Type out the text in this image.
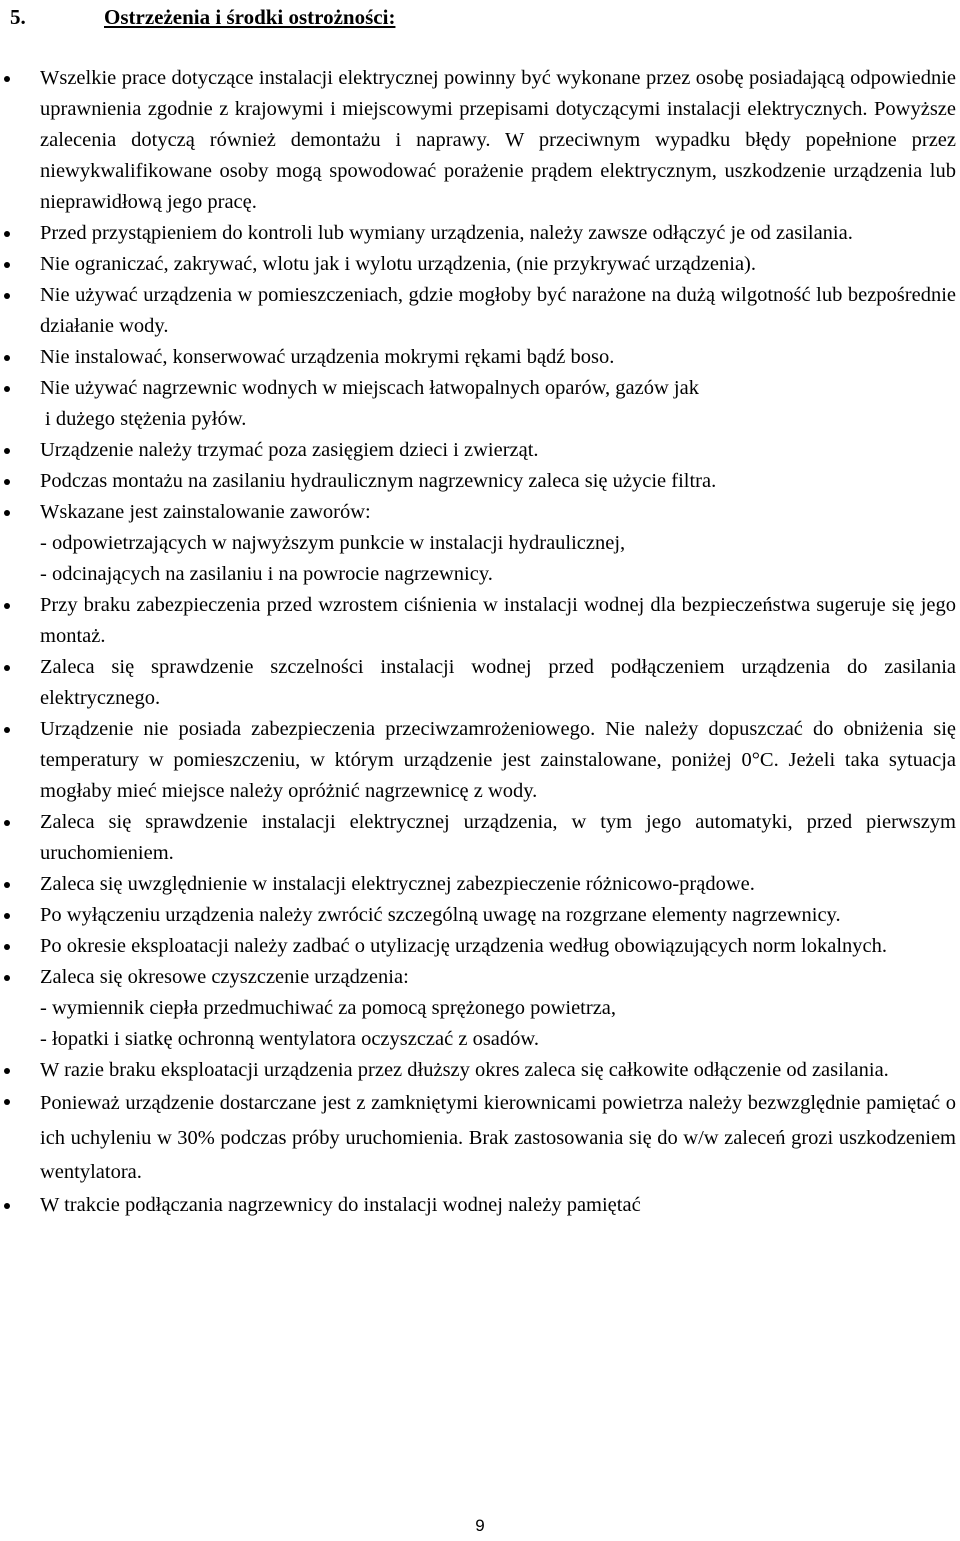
5.	Ostrzeżenia i środki ostrożności:
Wszelkie prace dotyczące instalacji elektrycznej powinny być wykonane przez osobę posiadającą odpowiednie uprawnienia zgodnie z krajowymi i miejscowymi przepisami dotyczącymi instalacji elektrycznych. Powyższe zalecenia dotyczą również demontażu i naprawy. W przeciwnym wypadku błędy popełnione przez niewykwalifikowane osoby mogą spowodować porażenie prądem elektrycznym, uszkodzenie urządzenia lub nieprawidłową jego pracę.
Przed przystąpieniem do kontroli lub wymiany urządzenia, należy zawsze odłączyć je od zasilania.
Nie ograniczać, zakrywać, wlotu jak i wylotu urządzenia, (nie przykrywać urządzenia).
Nie używać urządzenia w pomieszczeniach, gdzie mogłoby być narażone na dużą wilgotność lub bezpośrednie działanie wody.
Nie instalować, konserwować urządzenia mokrymi rękami bądź boso.
Nie używać nagrzewnic wodnych w miejscach łatwopalnych oparów, gazów jak
i dużego stężenia pyłów.
Urządzenie należy trzymać poza zasięgiem dzieci i zwierząt.
Podczas montażu na zasilaniu hydraulicznym nagrzewnicy zaleca się użycie filtra.
Wskazane jest zainstalowanie zaworów:
- odpowietrzających w najwyższym punkcie w instalacji hydraulicznej,
- odcinających na zasilaniu i na powrocie nagrzewnicy.
Przy braku zabezpieczenia przed wzrostem ciśnienia w instalacji wodnej dla bezpieczeństwa sugeruje się jego montaż.
Zaleca się sprawdzenie szczelności instalacji wodnej przed podłączeniem urządzenia do zasilania elektrycznego.
Urządzenie nie posiada zabezpieczenia przeciwzamrożeniowego. Nie należy dopuszczać do obniżenia się temperatury w pomieszczeniu, w którym urządzenie jest zainstalowane, poniżej 0°C. Jeżeli taka sytuacja mogłaby mieć miejsce należy opróżnić nagrzewnicę z wody.
Zaleca się sprawdzenie instalacji elektrycznej urządzenia, w tym jego automatyki, przed pierwszym uruchomieniem.
Zaleca się uwzględnienie w instalacji elektrycznej zabezpieczenie różnicowo-prądowe.
Po wyłączeniu urządzenia należy zwrócić szczególną uwagę na rozgrzane elementy nagrzewnicy.
Po okresie eksploatacji należy zadbać o utylizację urządzenia według obowiązujących norm lokalnych.
Zaleca się okresowe czyszczenie urządzenia:
- wymiennik ciepła przedmuchiwać za pomocą sprężonego powietrza,
- łopatki i siatkę ochronną wentylatora oczyszczać z osadów.
W razie braku eksploatacji urządzenia przez dłuższy okres zaleca się całkowite odłączenie od zasilania.
Ponieważ urządzenie dostarczane jest z zamkniętymi kierownicami powietrza należy bezwzględnie pamiętać o ich uchyleniu w 30% podczas próby uruchomienia. Brak zastosowania się do w/w zaleceń grozi uszkodzeniem wentylatora.
W trakcie podłączania nagrzewnicy do instalacji wodnej należy pamiętać
9
